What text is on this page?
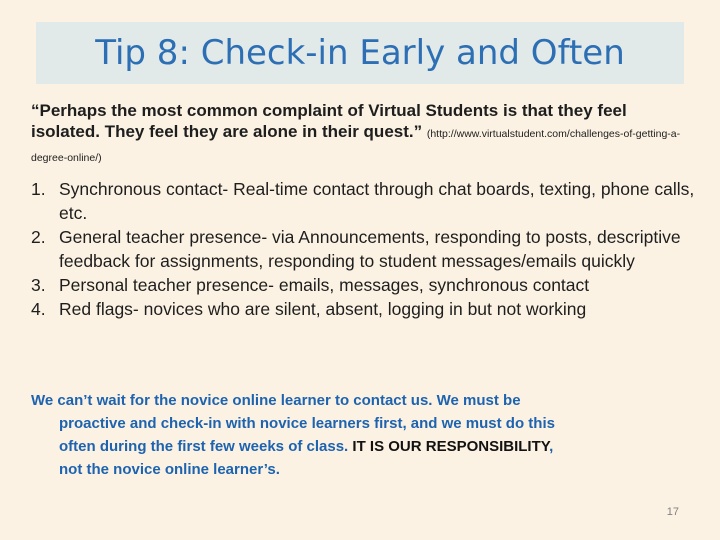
Tip 8: Check-in Early and Often
“Perhaps the most common complaint of Virtual Students is that they feel isolated. They feel they are alone in their quest.” (http://www.virtualstudent.com/challenges-of-getting-a-degree-online/)
1. Synchronous contact- Real-time contact through chat boards, texting, phone calls, etc.
2. General teacher presence- via Announcements, responding to posts, descriptive feedback for assignments, responding to student messages/emails quickly
3. Personal teacher presence- emails, messages, synchronous contact
4. Red flags- novices who are silent, absent, logging in but not working
We can’t wait for the novice online learner to contact us. We must be
proactive and check-in with novice learners first, and we must do this
often during the first few weeks of class. IT IS OUR RESPONSIBILITY,
not the novice online learner’s.
17
